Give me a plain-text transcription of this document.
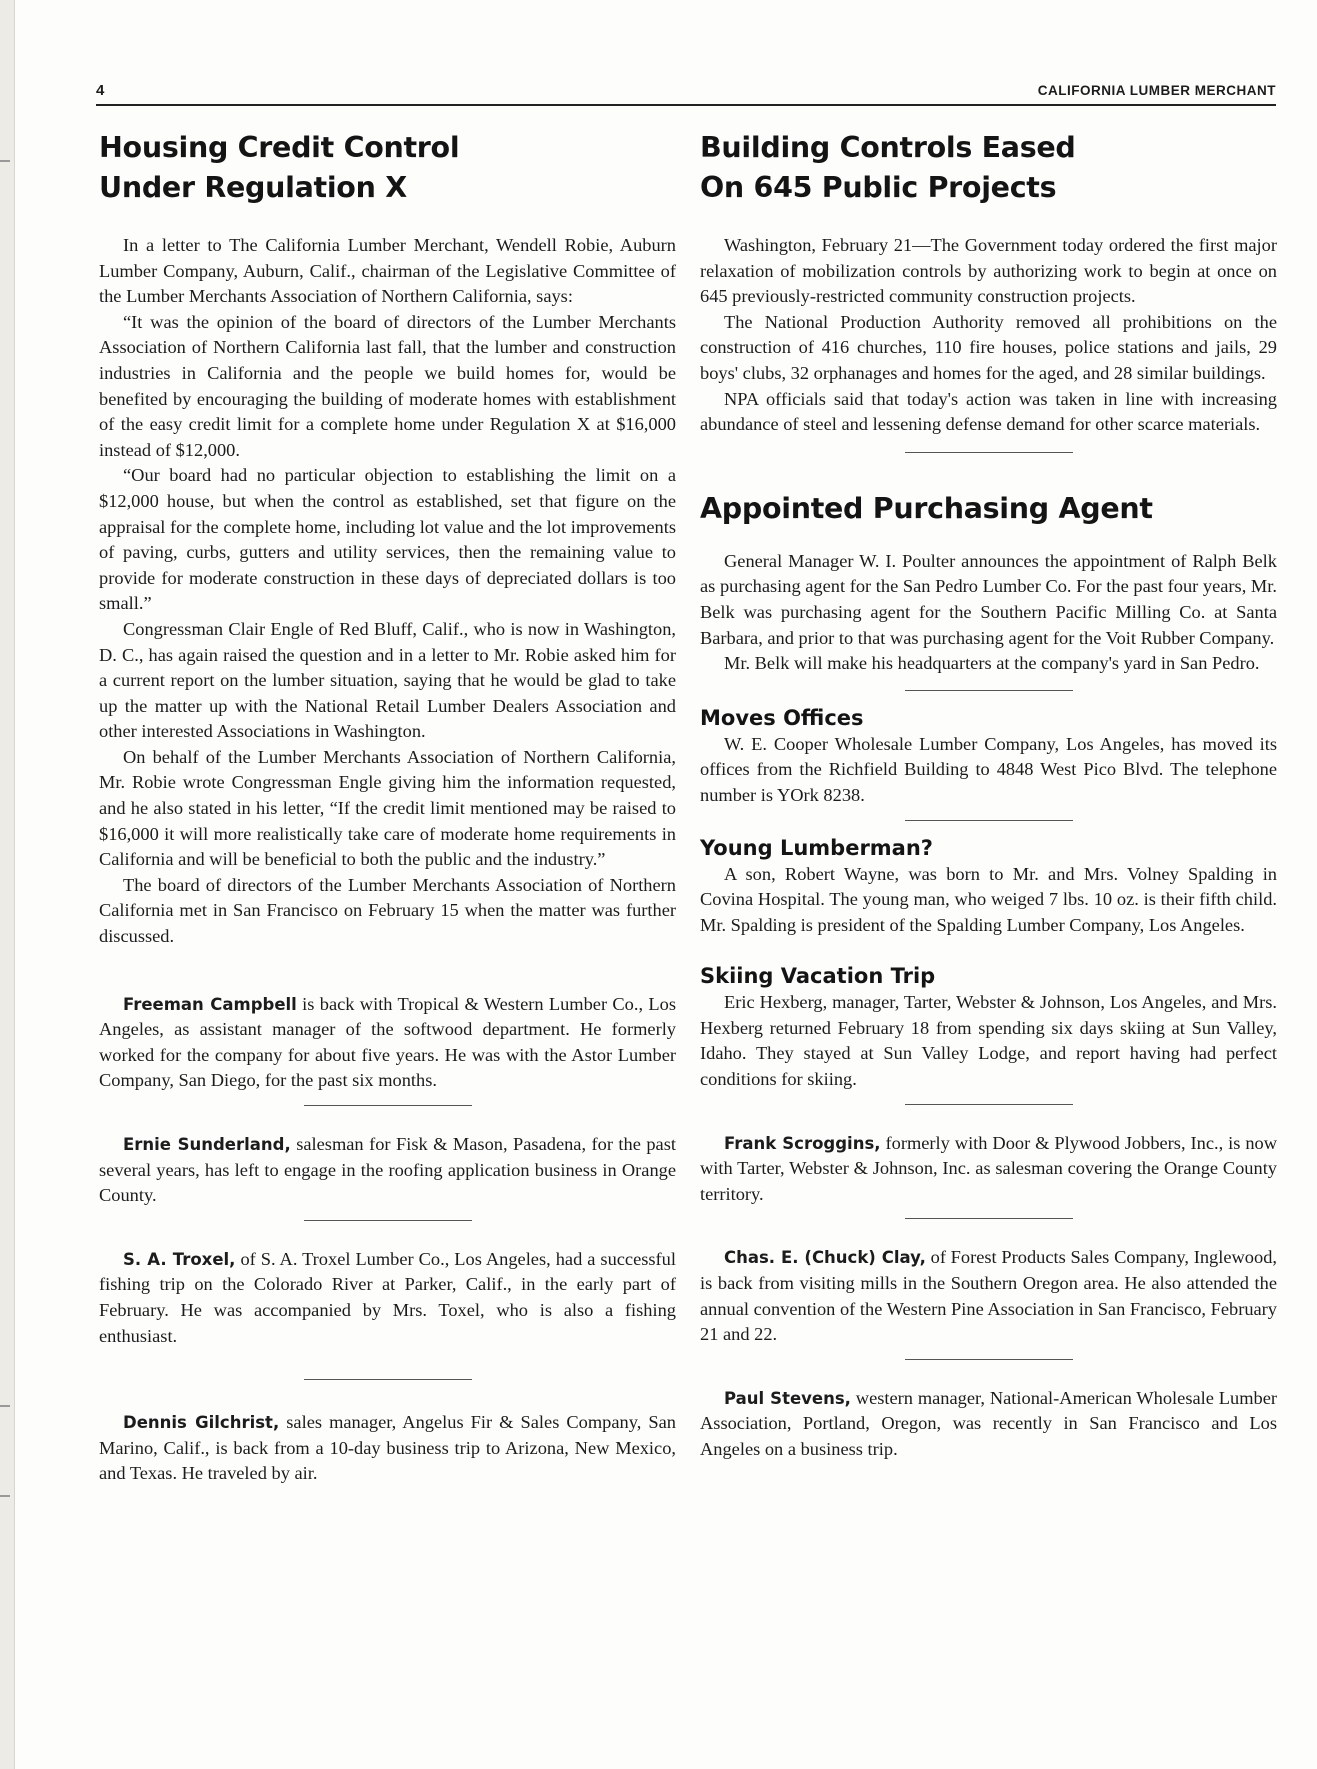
4	CALIFORNIA LUMBER MERCHANT
Housing Credit Control
Under Regulation X

In a letter to The California Lumber Merchant, Wendell Robie, Auburn Lumber Company, Auburn, Calif., chairman of the Legislative Committee of the Lumber Merchants Association of Northern California, says:

“It was the opinion of the board of directors of the Lumber Merchants Association of Northern California last fall, that the lumber and construction industries in California and the people we build homes for, would be benefited by encouraging the building of moderate homes with establishment of the easy credit limit for a complete home under Regulation X at $16,000 instead of $12,000.

“Our board had no particular objection to establishing the limit on a $12,000 house, but when the control as established, set that figure on the appraisal for the complete home, including lot value and the lot improvements of paving, curbs, gutters and utility services, then the remaining value to provide for moderate construction in these days of depreciated dollars is too small.”

Congressman Clair Engle of Red Bluff, Calif., who is now in Washington, D. C., has again raised the question and in a letter to Mr. Robie asked him for a current report on the lumber situation, saying that he would be glad to take up the matter up with the National Retail Lumber Dealers Association and other interested Associations in Washington.

On behalf of the Lumber Merchants Association of Northern California, Mr. Robie wrote Congressman Engle giving him the information requested, and he also stated in his letter, “If the credit limit mentioned may be raised to $16,000 it will more realistically take care of moderate home requirements in California and will be beneficial to both the public and the industry.”

The board of directors of the Lumber Merchants Association of Northern California met in San Francisco on February 15 when the matter was further discussed.

Freeman Campbell is back with Tropical & Western Lumber Co., Los Angeles, as assistant manager of the softwood department. He formerly worked for the company for about five years. He was with the Astor Lumber Company, San Diego, for the past six months.

Ernie Sunderland, salesman for Fisk & Mason, Pasadena, for the past several years, has left to engage in the roofing application business in Orange County.

S. A. Troxel, of S. A. Troxel Lumber Co., Los Angeles, had a successful fishing trip on the Colorado River at Parker, Calif., in the early part of February. He was accompanied by Mrs. Toxel, who is also a fishing enthusiast.

Dennis Gilchrist, sales manager, Angelus Fir & Sales Company, San Marino, Calif., is back from a 10-day business trip to Arizona, New Mexico, and Texas. He traveled by air.

Building Controls Eased
On 645 Public Projects

Washington, February 21—The Government today ordered the first major relaxation of mobilization controls by authorizing work to begin at once on 645 previously-restricted community construction projects.

The National Production Authority removed all prohibitions on the construction of 416 churches, 110 fire houses, police stations and jails, 29 boys' clubs, 32 orphanages and homes for the aged, and 28 similar buildings.

NPA officials said that today's action was taken in line with increasing abundance of steel and lessening defense demand for other scarce materials.

Appointed Purchasing Agent

General Manager W. I. Poulter announces the appointment of Ralph Belk as purchasing agent for the San Pedro Lumber Co. For the past four years, Mr. Belk was purchasing agent for the Southern Pacific Milling Co. at Santa Barbara, and prior to that was purchasing agent for the Voit Rubber Company.

Mr. Belk will make his headquarters at the company's yard in San Pedro.

Moves Offices

W. E. Cooper Wholesale Lumber Company, Los Angeles, has moved its offices from the Richfield Building to 4848 West Pico Blvd. The telephone number is YOrk 8238.

Young Lumberman?

A son, Robert Wayne, was born to Mr. and Mrs. Volney Spalding in Covina Hospital. The young man, who weiged 7 lbs. 10 oz. is their fifth child. Mr. Spalding is president of the Spalding Lumber Company, Los Angeles.

Skiing Vacation Trip

Eric Hexberg, manager, Tarter, Webster & Johnson, Los Angeles, and Mrs. Hexberg returned February 18 from spending six days skiing at Sun Valley, Idaho. They stayed at Sun Valley Lodge, and report having had perfect conditions for skiing.

Frank Scroggins, formerly with Door & Plywood Jobbers, Inc., is now with Tarter, Webster & Johnson, Inc. as salesman covering the Orange County territory.

Chas. E. (Chuck) Clay, of Forest Products Sales Company, Inglewood, is back from visiting mills in the Southern Oregon area. He also attended the annual convention of the Western Pine Association in San Francisco, February 21 and 22.

Paul Stevens, western manager, National-American Wholesale Lumber Association, Portland, Oregon, was recently in San Francisco and Los Angeles on a business trip.
